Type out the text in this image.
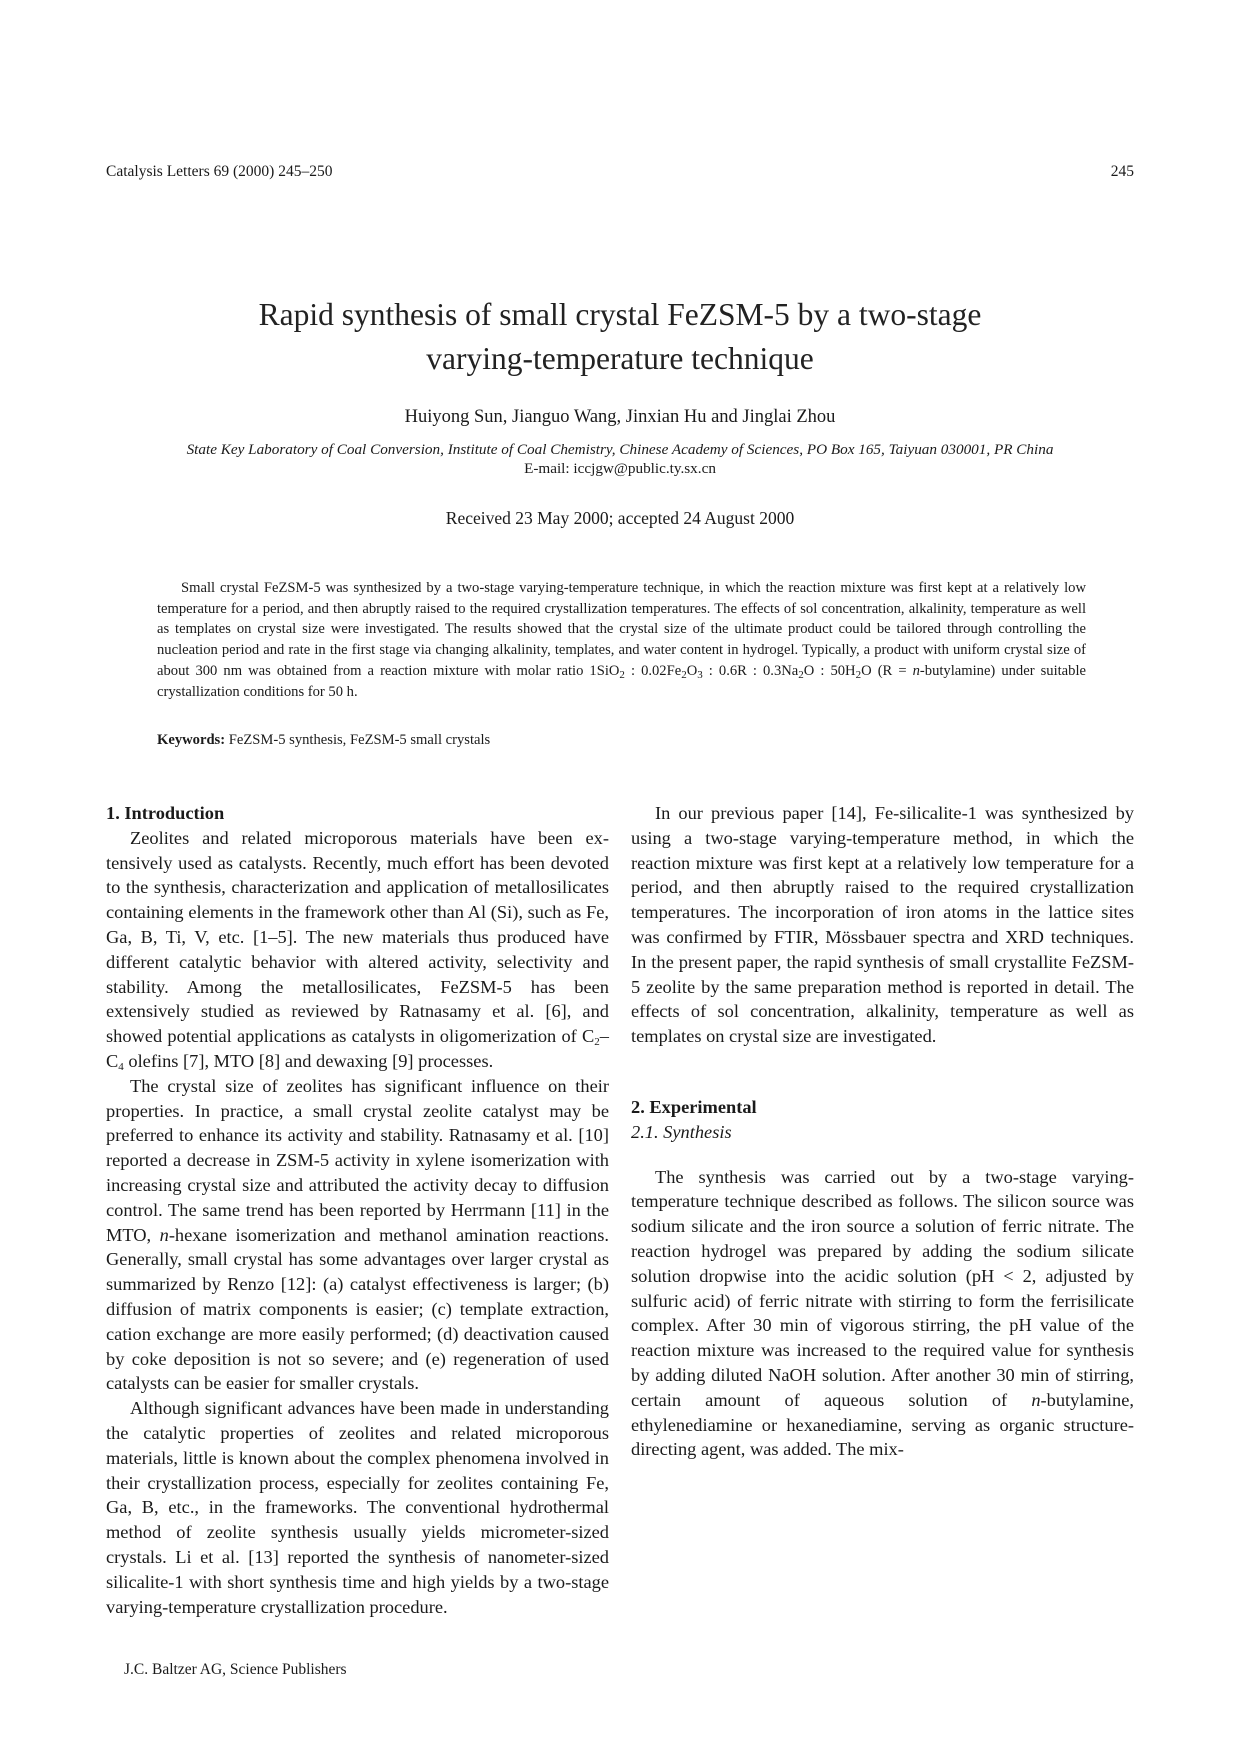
Catalysis Letters 69 (2000) 245–250	245
Rapid synthesis of small crystal FeZSM-5 by a two-stage
varying-temperature technique
Huiyong Sun, Jianguo Wang, Jinxian Hu and Jinglai Zhou
State Key Laboratory of Coal Conversion, Institute of Coal Chemistry, Chinese Academy of Sciences, PO Box 165, Taiyuan 030001, PR China
E-mail: iccjgw@public.ty.sx.cn
Received 23 May 2000; accepted 24 August 2000

Small crystal FeZSM-5 was synthesized by a two-stage varying-temperature technique, in which the reaction mixture was first kept at a relatively low temperature for a period, and then abruptly raised to the required crystallization temperatures. The effects of sol concentration, alkalinity, temperature as well as templates on crystal size were investigated. The results showed that the crystal size of the ultimate product could be tailored through controlling the nucleation period and rate in the first stage via changing alkalinity, templates, and water content in hydrogel. Typically, a product with uniform crystal size of about 300 nm was obtained from a reaction mixture with molar ratio 1SiO$_2$ : $0.02Fe_2O_3$ : 0.6R : $0.3Na_2O$ : $50H_2O$ (R = n-butylamine) under suitable crystallization conditions for 50 h.

Keywords: FeZSM-5 synthesis, FeZSM-5 small crystals

1. Introduction

Zeolites and related microporous materials have been extensively used as catalysts. Recently, much effort has been devoted to the synthesis, characterization and application of metallosilicates containing elements in the framework other than Al (Si), such as Fe, Ga, B, Ti, V, etc. [1–5]. The new materials thus produced have different catalytic behavior with altered activity, selectivity and stability. Among the metallosilicates, FeZSM-5 has been extensively studied as reviewed by Ratnasamy et al. [6], and showed potential applications as catalysts in oligomerization of $C_2-C_4$ olefins [7], MTO [8] and dewaxing [9] processes.

The crystal size of zeolites has significant influence on their properties. In practice, a small crystal zeolite catalyst may be preferred to enhance its activity and stability. Ratnasamy et al. [10] reported a decrease in ZSM-5 activity in xylene isomerization with increasing crystal size and attributed the activity decay to diffusion control. The same trend has been reported by Herrmann [11] in the MTO, n-hexane isomerization and methanol amination reactions. Generally, small crystal has some advantages over larger crystal as summarized by Renzo [12]: (a) catalyst effectiveness is larger; (b) diffusion of matrix components is easier; (c) template extraction, cation exchange are more easily performed; (d) deactivation caused by coke deposition is not so severe; and (e) regeneration of used catalysts can be easier for smaller crystals.

Although significant advances have been made in understanding the catalytic properties of zeolites and related microporous materials, little is known about the complex phenomena involved in their crystallization process, especially for zeolites containing Fe, Ga, B, etc., in the frameworks. The conventional hydrothermal method of zeolite synthesis usually yields micrometer-sized crystals. Li et al. [13] reported the synthesis of nanometer-sized silicalite-1 with short synthesis time and high yields by a two-stage varying-temperature crystallization procedure.

In our previous paper [14], Fe-silicalite-1 was synthesized by using a two-stage varying-temperature method, in which the reaction mixture was first kept at a relatively low temperature for a period, and then abruptly raised to the required crystallization temperatures. The incorporation of iron atoms in the lattice sites was confirmed by FTIR, Mössbauer spectra and XRD techniques. In the present paper, the rapid synthesis of small crystallite FeZSM-5 zeolite by the same preparation method is reported in detail. The effects of sol concentration, alkalinity, temperature as well as templates on crystal size are investigated.

2. Experimental

2.1. Synthesis

The synthesis was carried out by a two-stage varying-temperature technique described as follows. The silicon source was sodium silicate and the iron source a solution of ferric nitrate. The reaction hydrogel was prepared by adding the sodium silicate solution dropwise into the acidic solution (pH < 2, adjusted by sulfuric acid) of ferric nitrate with stirring to form the ferrisilicate complex. After 30 min of vigorous stirring, the pH value of the reaction mixture was increased to the required value for synthesis by adding diluted NaOH solution. After another 30 min of stirring, certain amount of aqueous solution of n-butylamine, ethylenediamine or hexanediamine, serving as organic structure-directing agent, was added. The mix-

J.C. Baltzer AG, Science Publishers
